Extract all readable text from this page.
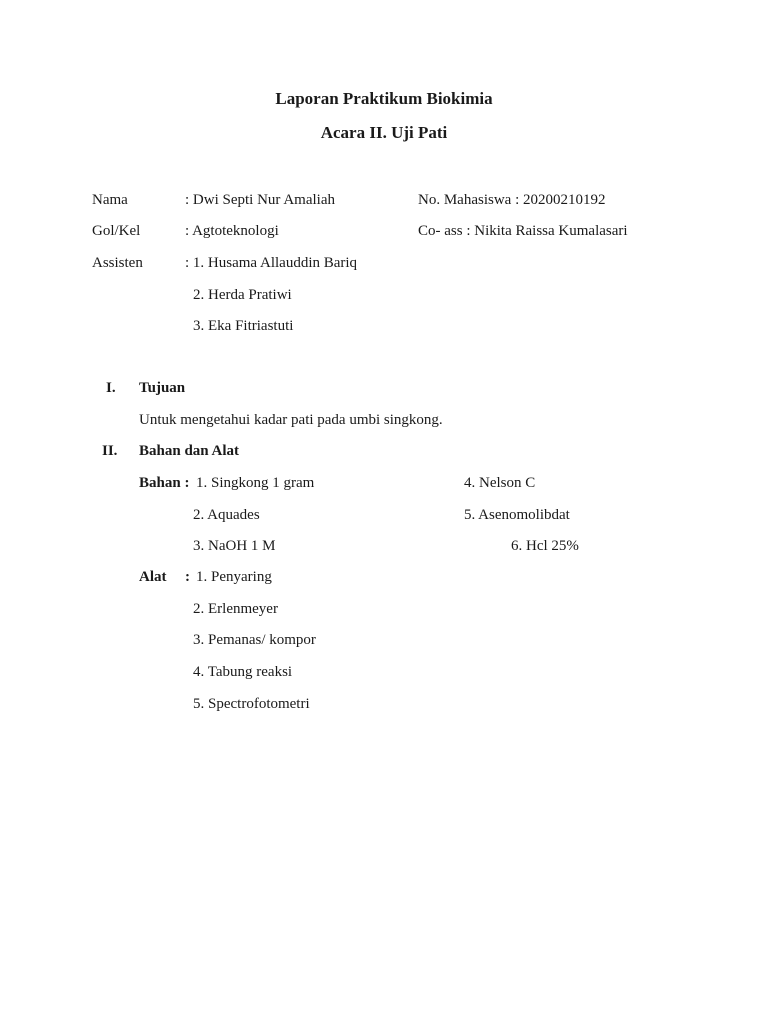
Laporan Praktikum Biokimia
Acara II. Uji Pati
Nama	: Dwi Septi Nur Amaliah	No. Mahasiswa : 20200210192
Gol/Kel	: Agtoteknologi	Co- ass : Nikita Raissa Kumalasari
Assisten	: 1. Husama Allauddin Bariq
2. Herda Pratiwi
3. Eka Fitriastuti
I. Tujuan
Untuk mengetahui kadar pati pada umbi singkong.
II. Bahan dan Alat
Bahan : 1. Singkong 1 gram
2. Aquades
3. NaOH 1 M
4. Nelson C
5. Asenomolibdat
6. Hcl 25%
Alat : 1. Penyaring
2. Erlenmeyer
3. Pemanas/ kompor
4. Tabung reaksi
5. Spectrofotometri
